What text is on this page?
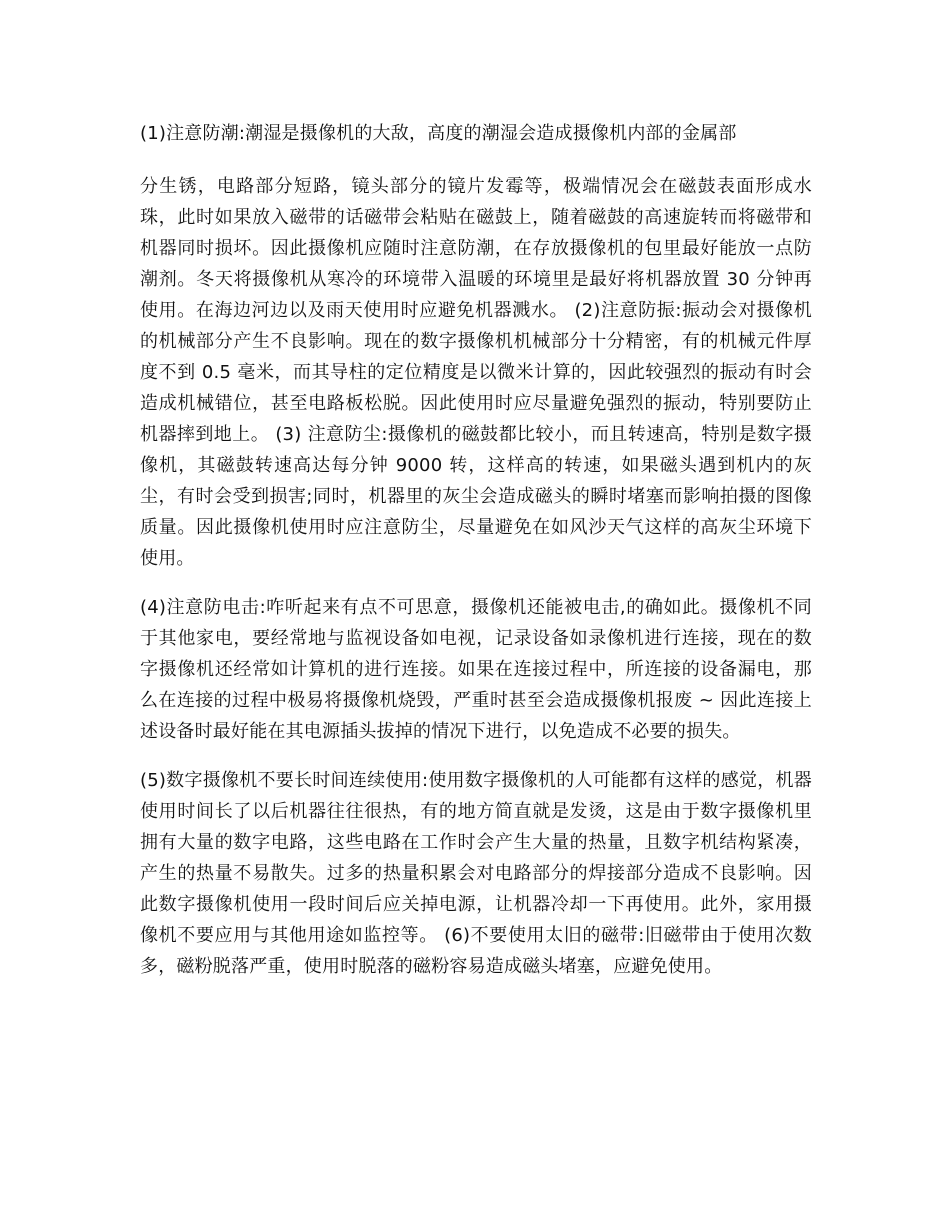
(1)注意防潮:潮湿是摄像机的大敌，高度的潮湿会造成摄像机内部的金属部

分生锈，电路部分短路，镜头部分的镜片发霉等，极端情况会在磁鼓表面形成水珠，此时如果放入磁带的话磁带会粘贴在磁鼓上，随着磁鼓的高速旋转而将磁带和机器同时损坏。因此摄像机应随时注意防潮，在存放摄像机的包里最好能放一点防潮剂。冬天将摄像机从寒冷的环境带入温暖的环境里是最好将机器放置 30 分钟再使用。在海边河边以及雨天使用时应避免机器溅水。 (2)注意防振:振动会对摄像机的机械部分产生不良影响。现在的数字摄像机机械部分十分精密，有的机械元件厚度不到 0.5 毫米，而其导柱的定位精度是以微米计算的，因此较强烈的振动有时会造成机械错位，甚至电路板松脱。因此使用时应尽量避免强烈的振动，特别要防止机器摔到地上。 (3) 注意防尘:摄像机的磁鼓都比较小，而且转速高，特别是数字摄像机，其磁鼓转速高达每分钟 9000 转，这样高的转速，如果磁头遇到机内的灰尘，有时会受到损害;同时，机器里的灰尘会造成磁头的瞬时堵塞而影响拍摄的图像质量。因此摄像机使用时应注意防尘，尽量避免在如风沙天气这样的高灰尘环境下使用。

(4)注意防电击:咋听起来有点不可思意，摄像机还能被电击,的确如此。摄像机不同于其他家电，要经常地与监视设备如电视，记录设备如录像机进行连接，现在的数字摄像机还经常如计算机的进行连接。如果在连接过程中，所连接的设备漏电，那么在连接的过程中极易将摄像机烧毁，严重时甚至会造成摄像机报废 ~ 因此连接上述设备时最好能在其电源插头拔掉的情况下进行，以免造成不必要的损失。

(5)数字摄像机不要长时间连续使用:使用数字摄像机的人可能都有这样的感觉，机器使用时间长了以后机器往往很热，有的地方简直就是发烫，这是由于数字摄像机里拥有大量的数字电路，这些电路在工作时会产生大量的热量，且数字机结构紧凑，产生的热量不易散失。过多的热量积累会对电路部分的焊接部分造成不良影响。因此数字摄像机使用一段时间后应关掉电源，让机器冷却一下再使用。此外，家用摄像机不要应用与其他用途如监控等。 (6)不要使用太旧的磁带:旧磁带由于使用次数多，磁粉脱落严重，使用时脱落的磁粉容易造成磁头堵塞，应避免使用。
